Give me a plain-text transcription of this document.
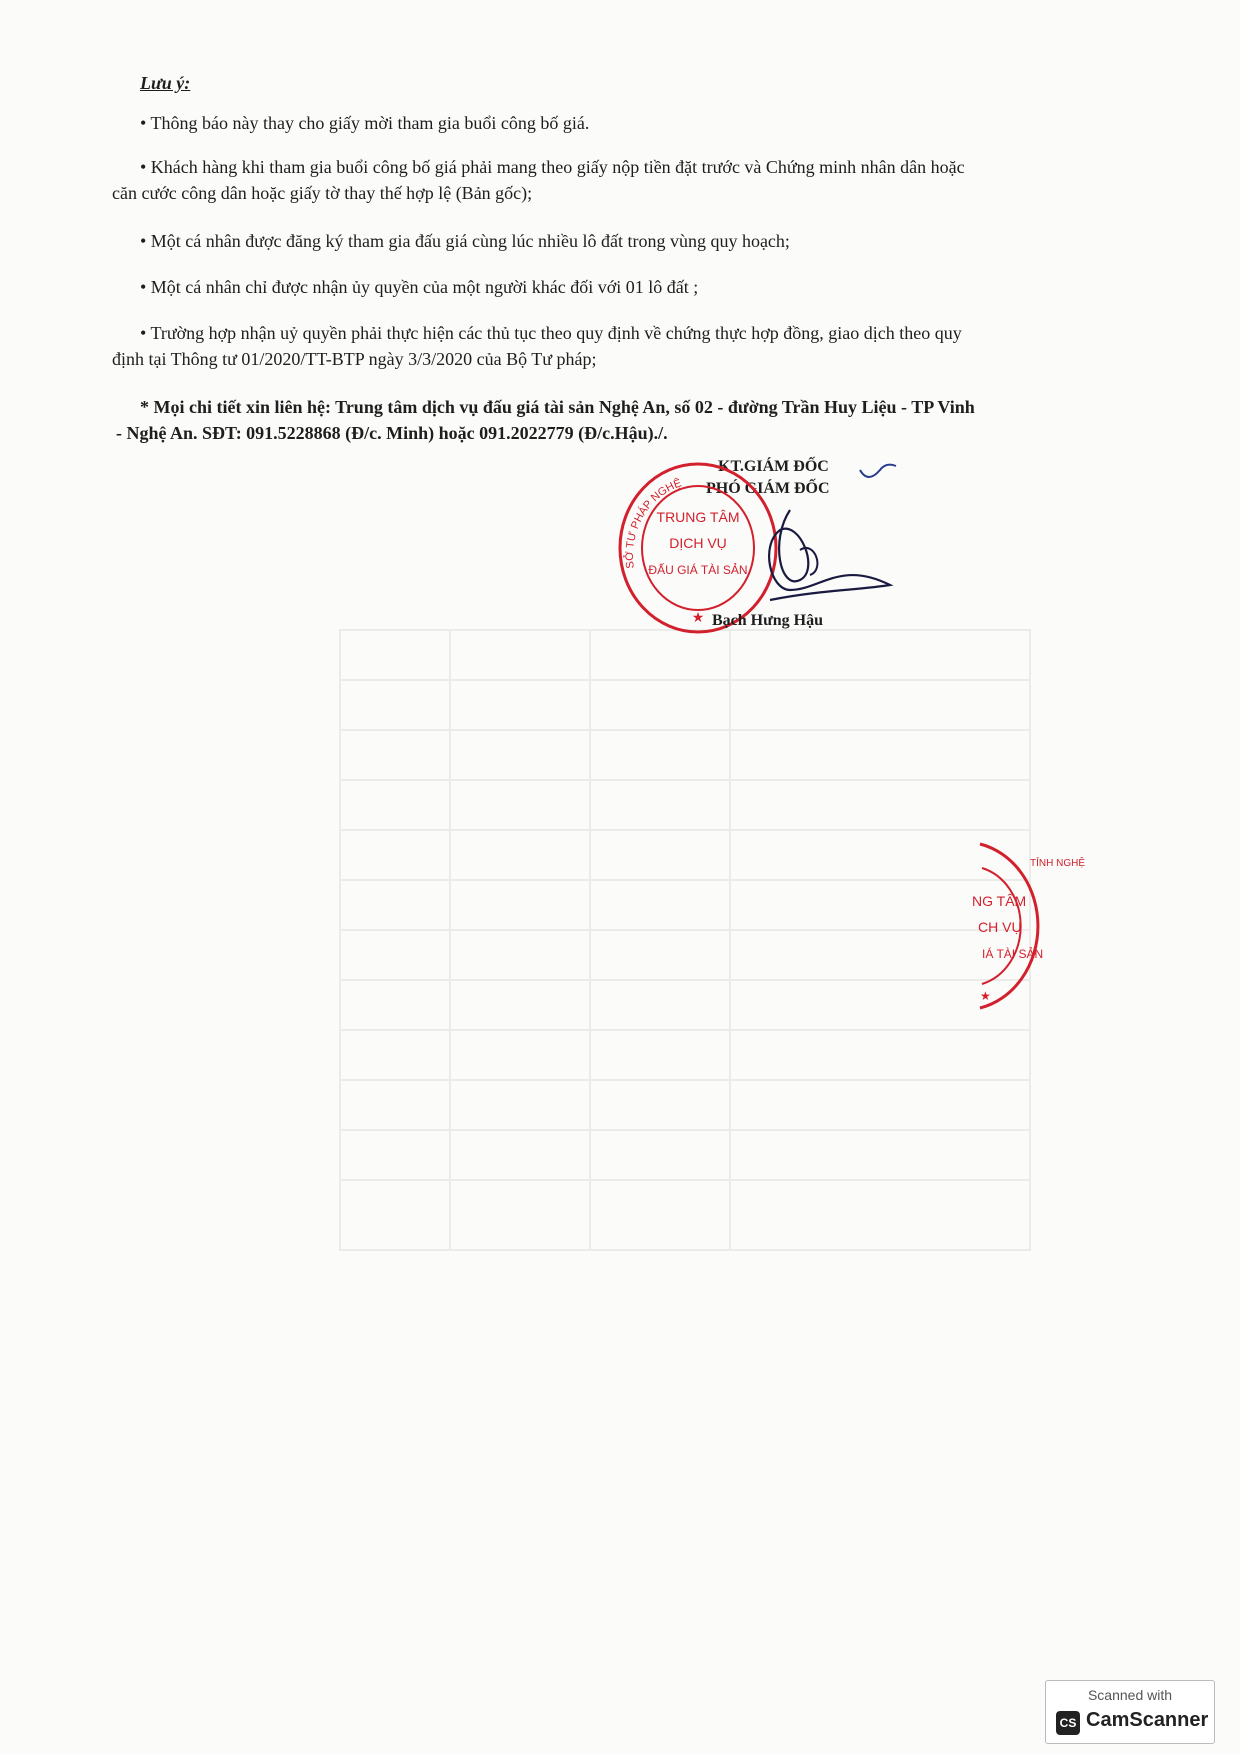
Lưu ý:
• Thông báo này thay cho giấy mời tham gia buổi công bố giá.
• Khách hàng khi tham gia buổi công bố giá phải mang theo giấy nộp tiền đặt trước và Chứng minh nhân dân hoặc
căn cước công dân hoặc giấy tờ thay thế hợp lệ (Bản gốc);
• Một cá nhân được đăng ký tham gia đấu giá cùng lúc nhiều lô đất trong vùng quy hoạch;
• Một cá nhân chỉ được nhận ủy quyền của một người khác đối với 01 lô đất ;
• Trường hợp nhận uỷ quyền phải thực hiện các thủ tục theo quy định về chứng thực hợp đồng, giao dịch theo quy
định tại Thông tư 01/2020/TT-BTP ngày 3/3/2020 của Bộ Tư pháp;
* Mọi chi tiết xin liên hệ: Trung tâm dịch vụ đấu giá tài sản Nghệ An, số 02 - đường Trần Huy Liệu - TP Vinh
- Nghệ An. SĐT: 091.5228868 (Đ/c. Minh) hoặc 091.2022779 (Đ/c.Hậu)./.
KT.GIÁM ĐỐC
PHÓ GIÁM ĐỐC
SỞ TƯ PHÁP NGHỆ
TRUNG TÂM
DỊCH VỤ
ĐẤU GIÁ TÀI SẢN
★ Bạch Hưng Hậu
TỈNH NGHỆ
NG TÂM
CH VỤ
IÁ TÀI SẢN
★
Scanned with
CS CamScanner
